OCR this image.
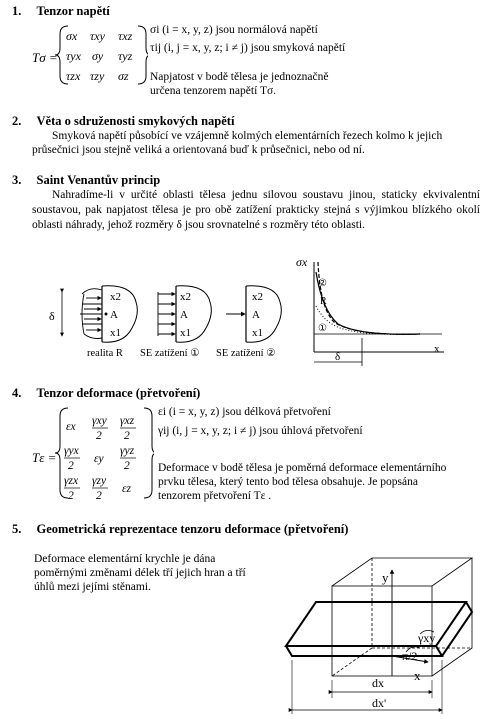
1. Tenzor napětí
Tσ =
σx τxy τxz
τyx σy τyz
τzx τzy σz
σi (i = x, y, z) jsou normálová napětí
τij (i, j = x, y, z; i ≠ j) jsou smyková napětí
Napjatost v bodě tělesa je jednoznačně
určena tenzorem napětí Tσ.
2. Věta o sdruženosti smykových napětí
Smyková napětí působící ve vzájemně kolmých elementárních řezech kolmo k jejich
průsečnici jsou stejně veliká a orientovaná buď k průsečnici, nebo od ní.
3. Saint Venantův princip
Nahradíme-li v určité oblasti tělesa jednu silovou soustavu jinou, staticky ekvivalentní soustavou, pak napjatost tělesa je pro obě zatížení prakticky stejná s výjimkou blízkého okolí oblasti náhrady, jehož rozměry δ jsou srovnatelné s rozměry této oblasti.
δ
x2
A
x1
x2
A
x1
x2
A
x1
realita R SE zatížení ① SE zatížení ②
σx
x
②
R
①
δ
4. Tenzor deformace (přetvoření)
Tε =
εx γxy
2
γxz
2
γyx
2
εy
γyz
2
γzx
2
γzy
2
εz
εi (i = x, y, z) jsou délková přetvoření
γij (i, j = x, y, z; i ≠ j) jsou úhlová přetvoření
Deformace v bodě tělesa je poměrná deformace elementárního
prvku tělesa, který tento bod tělesa obsahuje. Je popsána
tenzorem přetvoření Tε .
5. Geometrická reprezentace tenzoru deformace (přetvoření)
Deformace elementární krychle je dána
poměrnými změnami délek tří jejich hran a tří
úhlů mezi jejími stěnami.
y
x
γxy
π/2
dx
dx'
